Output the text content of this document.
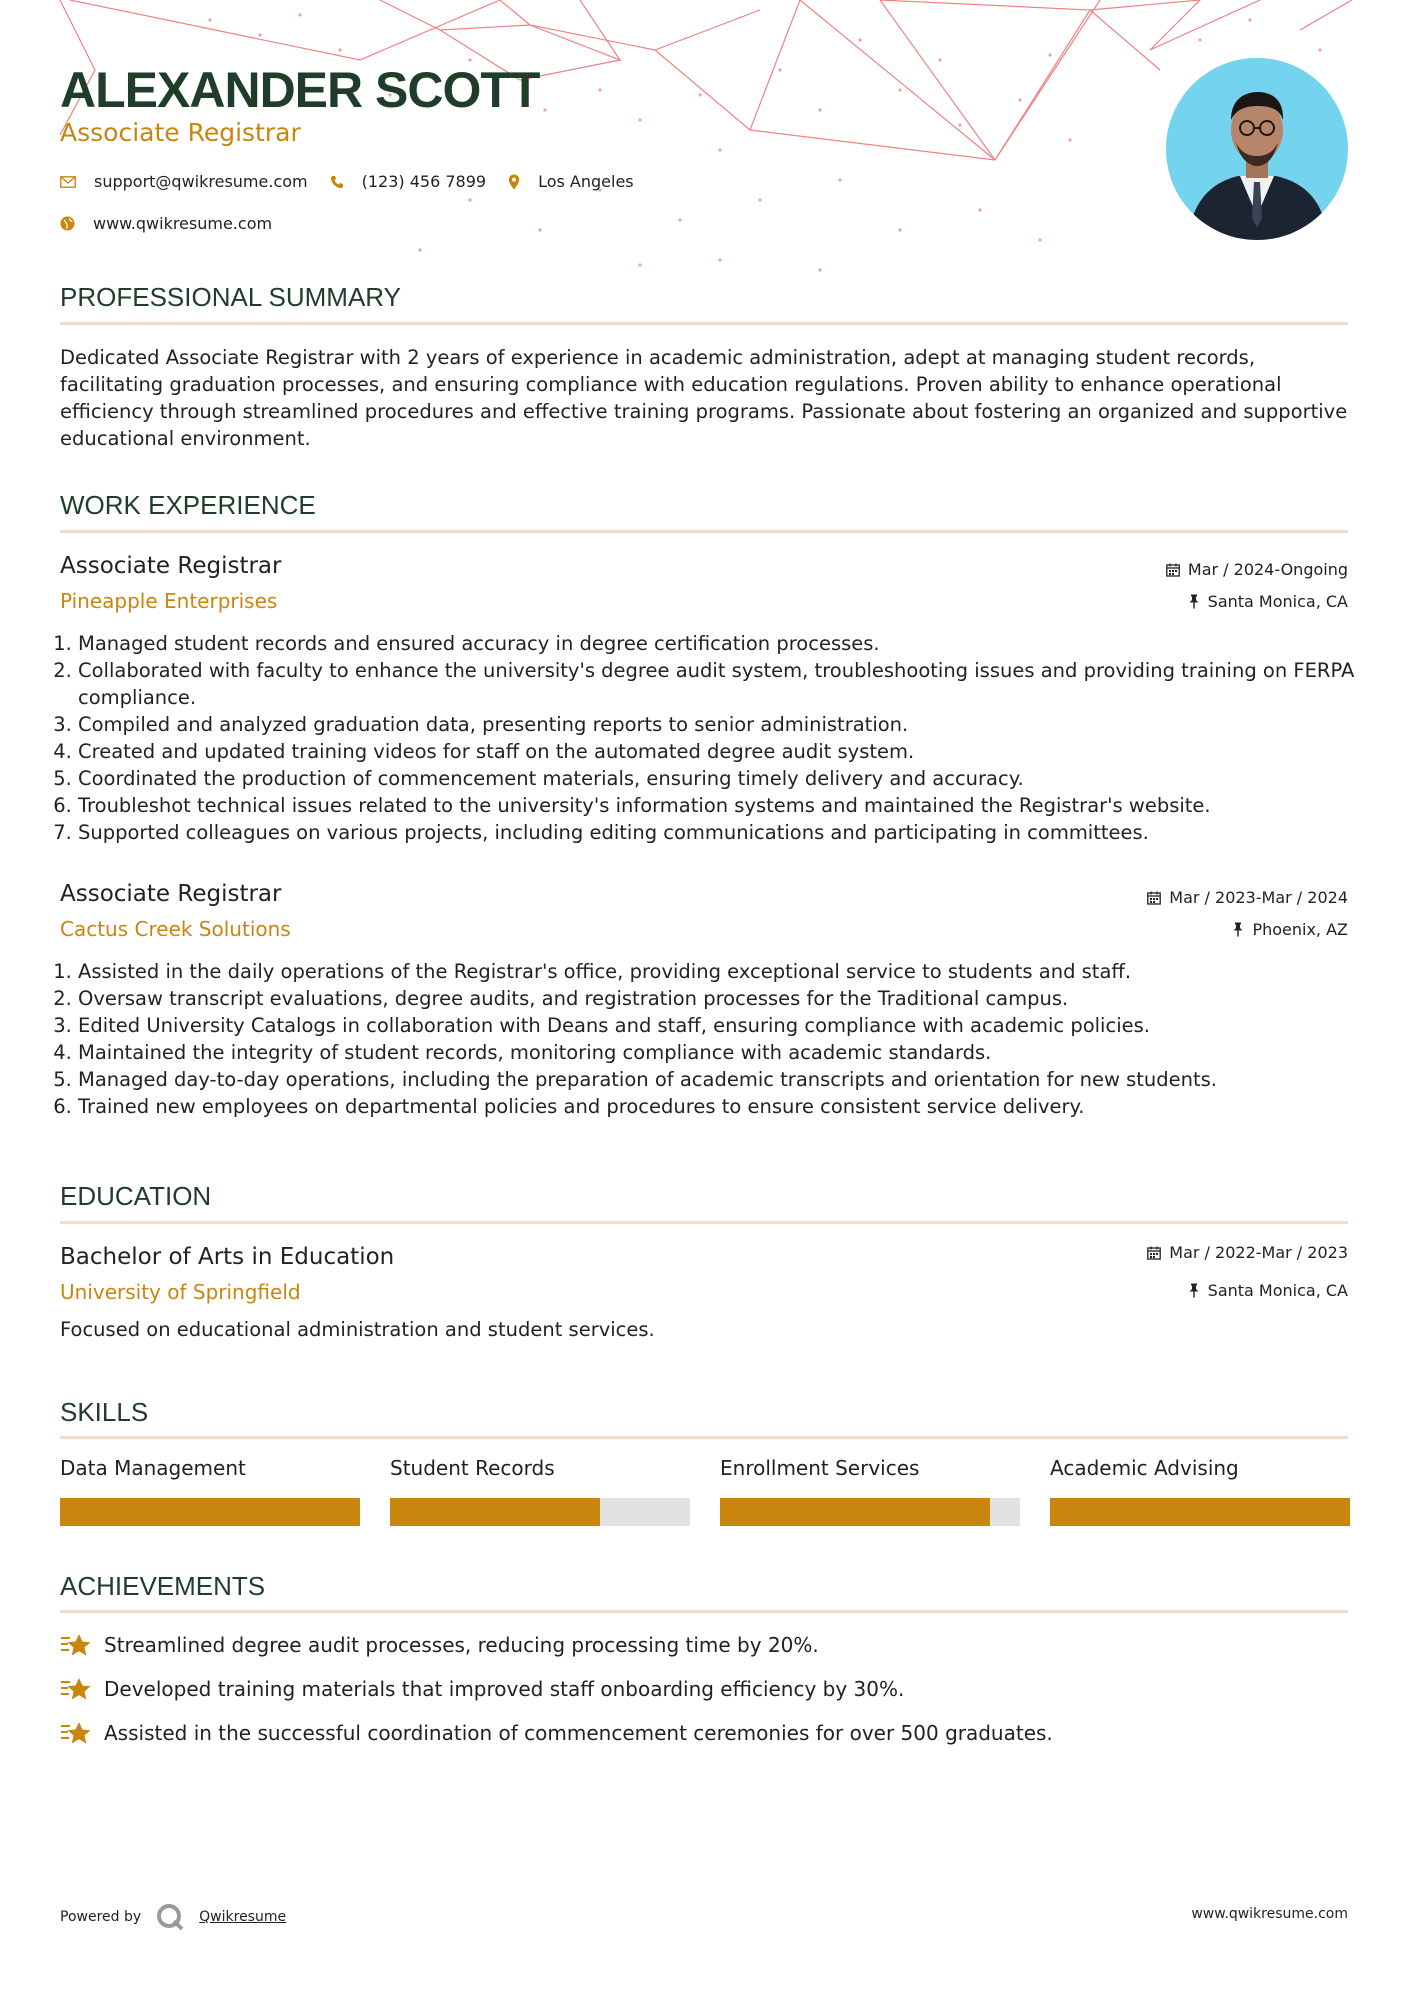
ALEXANDER SCOTT
Associate Registrar
support@qwikresume.com	(123) 456 7899	Los Angeles
www.qwikresume.com
PROFESSIONAL SUMMARY

Dedicated Associate Registrar with 2 years of experience in academic administration, adept at managing student records, facilitating graduation processes, and ensuring compliance with education regulations. Proven ability to enhance operational efficiency through streamlined procedures and effective training programs. Passionate about fostering an organized and supportive educational environment.

WORK EXPERIENCE
Associate Registrar
Pineapple Enterprises
Mar / 2024-Ongoing
Santa Monica, CA
1. Managed student records and ensured accuracy in degree certification processes.
2. Collaborated with faculty to enhance the university's degree audit system, troubleshooting issues and providing training on FERPA compliance.
3. Compiled and analyzed graduation data, presenting reports to senior administration.
4. Created and updated training videos for staff on the automated degree audit system.
5. Coordinated the production of commencement materials, ensuring timely delivery and accuracy.
6. Troubleshot technical issues related to the university's information systems and maintained the Registrar's website.
7. Supported colleagues on various projects, including editing communications and participating in committees.
Associate Registrar
Cactus Creek Solutions
Mar / 2023-Mar / 2024
Phoenix, AZ
1. Assisted in the daily operations of the Registrar's office, providing exceptional service to students and staff.
2. Oversaw transcript evaluations, degree audits, and registration processes for the Traditional campus.
3. Edited University Catalogs in collaboration with Deans and staff, ensuring compliance with academic policies.
4. Maintained the integrity of student records, monitoring compliance with academic standards.
5. Managed day-to-day operations, including the preparation of academic transcripts and orientation for new students.
6. Trained new employees on departmental policies and procedures to ensure consistent service delivery.
EDUCATION
Bachelor of Arts in Education
University of Springfield
Mar / 2022-Mar / 2023
Santa Monica, CA

Focused on educational administration and student services.

SKILLS
Data Management	Student Records	Enrollment Services	Academic Advising
ACHIEVEMENTS
Streamlined degree audit processes, reducing processing time by 20%.
Developed training materials that improved staff onboarding efficiency by 30%.
Assisted in the successful coordination of commencement ceremonies for over 500 graduates.
Powered by	Qwikresume	www.qwikresume.com
